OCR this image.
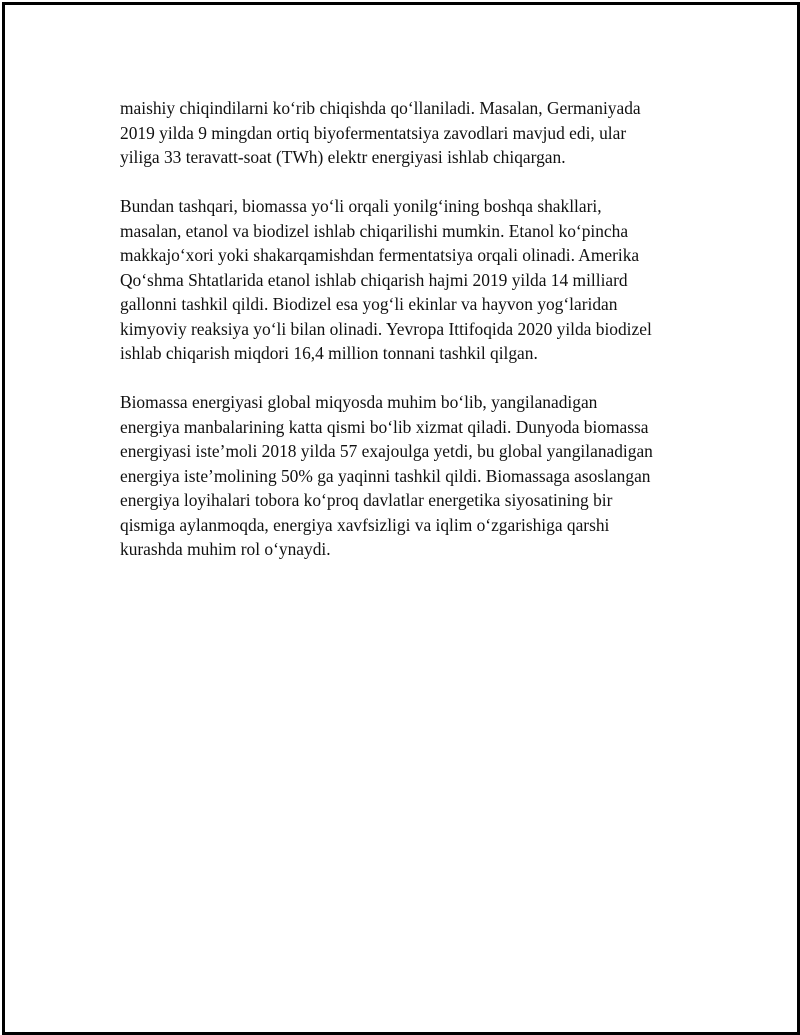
maishiy chiqindilarni ko‘rib chiqishda qo‘llaniladi. Masalan, Germaniyada
2019 yilda 9 mingdan ortiq biyofermentatsiya zavodlari mavjud edi, ular
yiliga 33 teravatt-soat (TWh) elektr energiyasi ishlab chiqargan.

Bundan tashqari, biomassa yo‘li orqali yonilg‘ining boshqa shakllari,
masalan, etanol va biodizel ishlab chiqarilishi mumkin. Etanol ko‘pincha
makkajo‘xori yoki shakarqamishdan fermentatsiya orqali olinadi. Amerika
Qo‘shma Shtatlarida etanol ishlab chiqarish hajmi 2019 yilda 14 milliard
gallonni tashkil qildi. Biodizel esa yog‘li ekinlar va hayvon yog‘laridan
kimyoviy reaksiya yo‘li bilan olinadi. Yevropa Ittifoqida 2020 yilda biodizel
ishlab chiqarish miqdori 16,4 million tonnani tashkil qilgan.

Biomassa energiyasi global miqyosda muhim bo‘lib, yangilanadigan
energiya manbalarining katta qismi bo‘lib xizmat qiladi. Dunyoda biomassa
energiyasi iste’moli 2018 yilda 57 exajoulga yetdi, bu global yangilanadigan
energiya iste’molining 50% ga yaqinni tashkil qildi. Biomassaga asoslangan
energiya loyihalari tobora ko‘proq davlatlar energetika siyosatining bir
qismiga aylanmoqda, energiya xavfsizligi va iqlim o‘zgarishiga qarshi
kurashda muhim rol o‘ynaydi.
